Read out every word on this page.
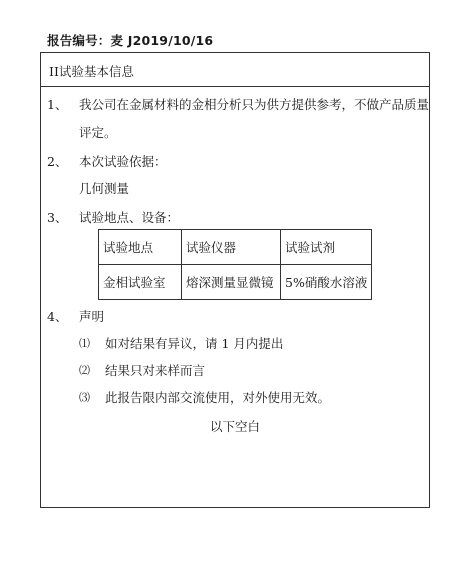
报告编号：麦 J2019/10/16
II试验基本信息
1、 我公司在金属材料的金相分析只为供方提供参考，不做产品质量
评定。
2、 本次试验依据：
几何测量
3、 试验地点、设备：
试验地点	试验仪器	试验试剂
金相试验室	熔深测量显微镜	5%硝酸水溶液
4、 声明
⑴ 如对结果有异议，请 1 月内提出
⑵ 结果只对来样而言
⑶ 此报告限内部交流使用，对外使用无效。
以下空白
